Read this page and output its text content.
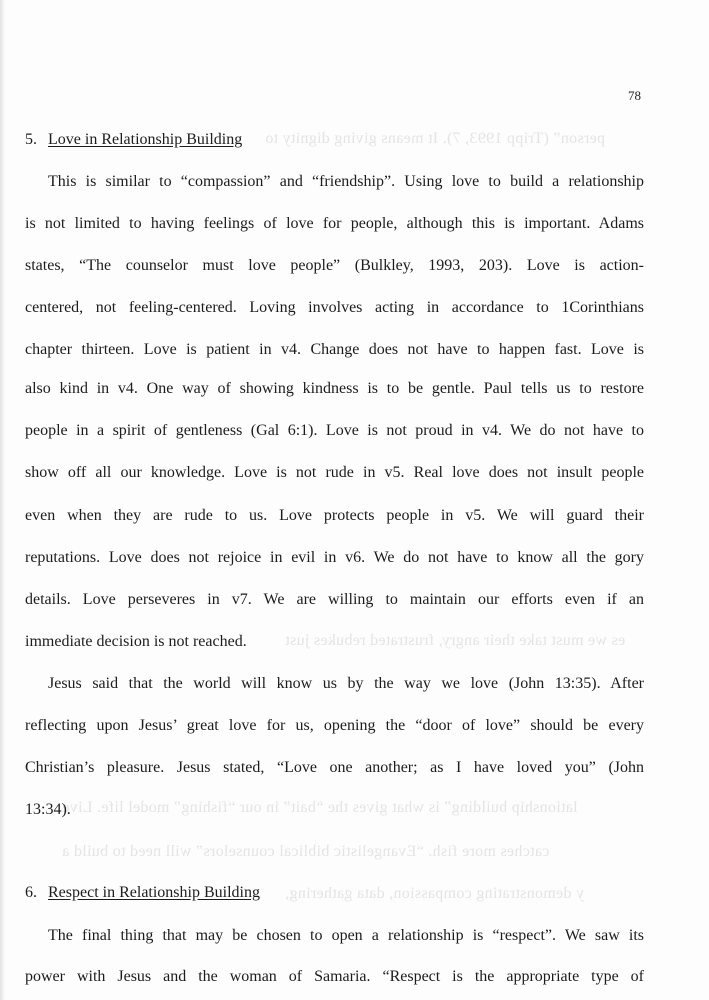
person” (Tripp 1993, 7). It means giving dignity to
es we must take their angry, frustrated rebukes just
lationship building” is what gives the “bait” in our “fishing” model life. Live
catches more fish. “Evangelistic biblical counselors” will need to build a
y demonstrating compassion, data gathering,
78
5. Love in Relationship Building
This is similar to “compassion” and “friendship”. Using love to build a relationship
is not limited to having feelings of love for people, although this is important. Adams
states, “The counselor must love people” (Bulkley, 1993, 203). Love is action-
centered, not feeling-centered. Loving involves acting in accordance to 1Corinthians
chapter thirteen. Love is patient in v4. Change does not have to happen fast. Love is
also kind in v4. One way of showing kindness is to be gentle. Paul tells us to restore
people in a spirit of gentleness (Gal 6:1). Love is not proud in v4. We do not have to
show off all our knowledge. Love is not rude in v5. Real love does not insult people
even when they are rude to us. Love protects people in v5. We will guard their
reputations. Love does not rejoice in evil in v6. We do not have to know all the gory
details. Love perseveres in v7. We are willing to maintain our efforts even if an
immediate decision is not reached.
Jesus said that the world will know us by the way we love (John 13:35). After
reflecting upon Jesus’ great love for us, opening the “door of love” should be every
Christian’s pleasure. Jesus stated, “Love one another; as I have loved you” (John
13:34).
6. Respect in Relationship Building
The final thing that may be chosen to open a relationship is “respect”. We saw its
power with Jesus and the woman of Samaria. “Respect is the appropriate type of
